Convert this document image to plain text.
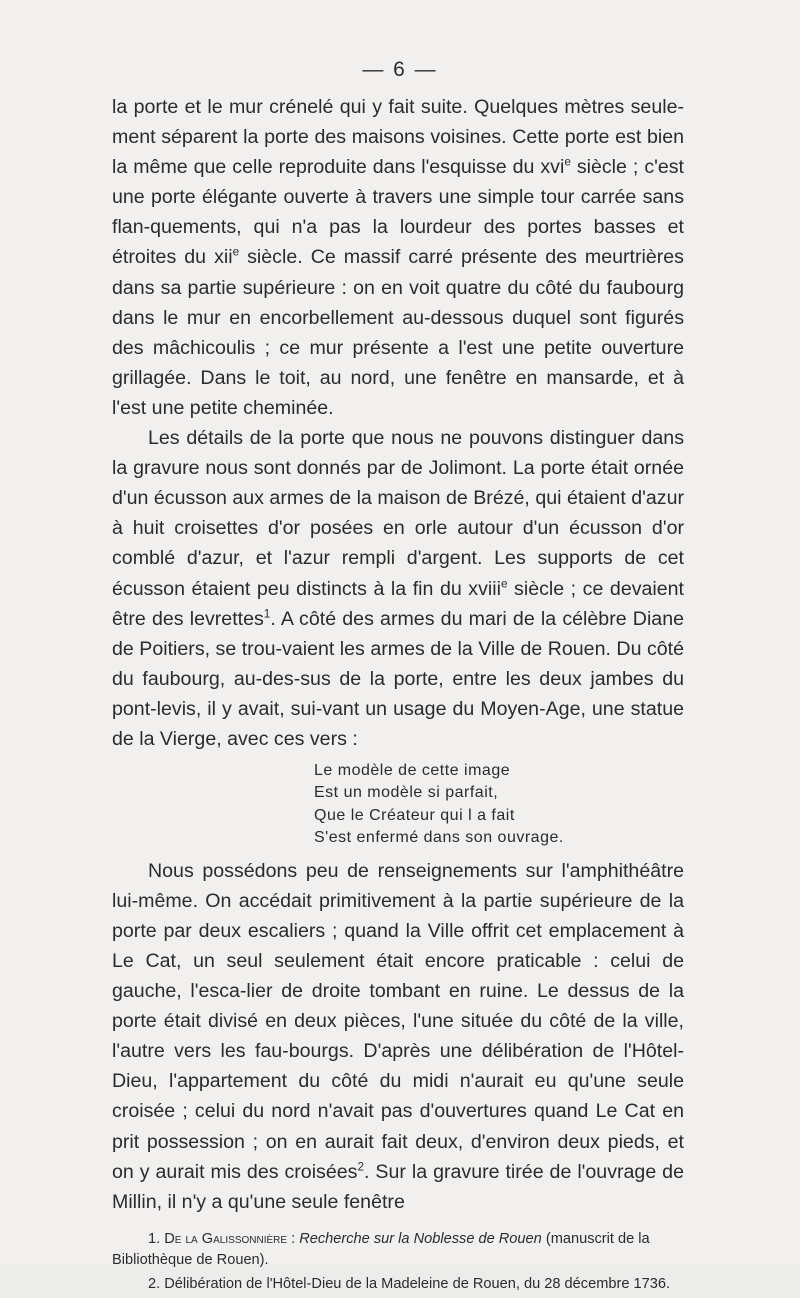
— 6 —

la porte et le mur crénelé qui y fait suite. Quelques mètres seule- ment séparent la porte des maisons voisines. Cette porte est bien la même que celle reproduite dans l'esquisse du xvi$^e$ siècle ; c'est une porte élégante ouverte à travers une simple tour carrée sans flan-quements, qui n'a pas la lourdeur des portes basses et étroites du xii$^e$ siècle. Ce massif carré présente des meurtrières dans sa partie supérieure : on en voit quatre du côté du faubourg dans le mur en encorbellement au-dessous duquel sont figurés des mâchicoulis ; ce mur présente a l'est une petite ouverture grillagée. Dans le toit, au nord, une fenêtre en mansarde, et à l'est une petite cheminée.

Les détails de la porte que nous ne pouvons distinguer dans la gravure nous sont donnés par de Jolimont. La porte était ornée d'un écusson aux armes de la maison de Brézé, qui étaient d'azur à huit croisettes d'or posées en orle autour d'un écusson d'or comblé d'azur, et l'azur rempli d'argent. Les supports de cet écusson étaient peu distincts à la fin du xviii$^e$ siècle ; ce devaient être des levrettes$^1$. A côté des armes du mari de la célèbre Diane de Poitiers, se trou-vaient les armes de la Ville de Rouen. Du côté du faubourg, au-des-sus de la porte, entre les deux jambes du pont-levis, il y avait, sui-vant un usage du Moyen-Age, une statue de la Vierge, avec ces vers :

Le modèle de cette image
Est un modèle si parfait,
Que le Créateur qui l a fait
S'est enfermé dans son ouvrage.

Nous possédons peu de renseignements sur l'amphithéâtre lui-même. On accédait primitivement à la partie supérieure de la porte par deux escaliers ; quand la Ville offrit cet emplacement à Le Cat, un seul seulement était encore praticable : celui de gauche, l'esca-lier de droite tombant en ruine. Le dessus de la porte était divisé en deux pièces, l'une située du côté de la ville, l'autre vers les fau-bourgs. D'après une délibération de l'Hôtel-Dieu, l'appartement du côté du midi n'aurait eu qu'une seule croisée ; celui du nord n'avait pas d'ouvertures quand Le Cat en prit possession ; on en aurait fait deux, d'environ deux pieds, et on y aurait mis des croisées$^2$. Sur la gravure tirée de l'ouvrage de Millin, il n'y a qu'une seule fenêtre

1. De la Galissonnière : Recherche sur la Noblesse de Rouen (manuscrit de la Bibliothèque de Rouen).

2. Délibération de l'Hôtel-Dieu de la Madeleine de Rouen, du 28 décembre 1736.
